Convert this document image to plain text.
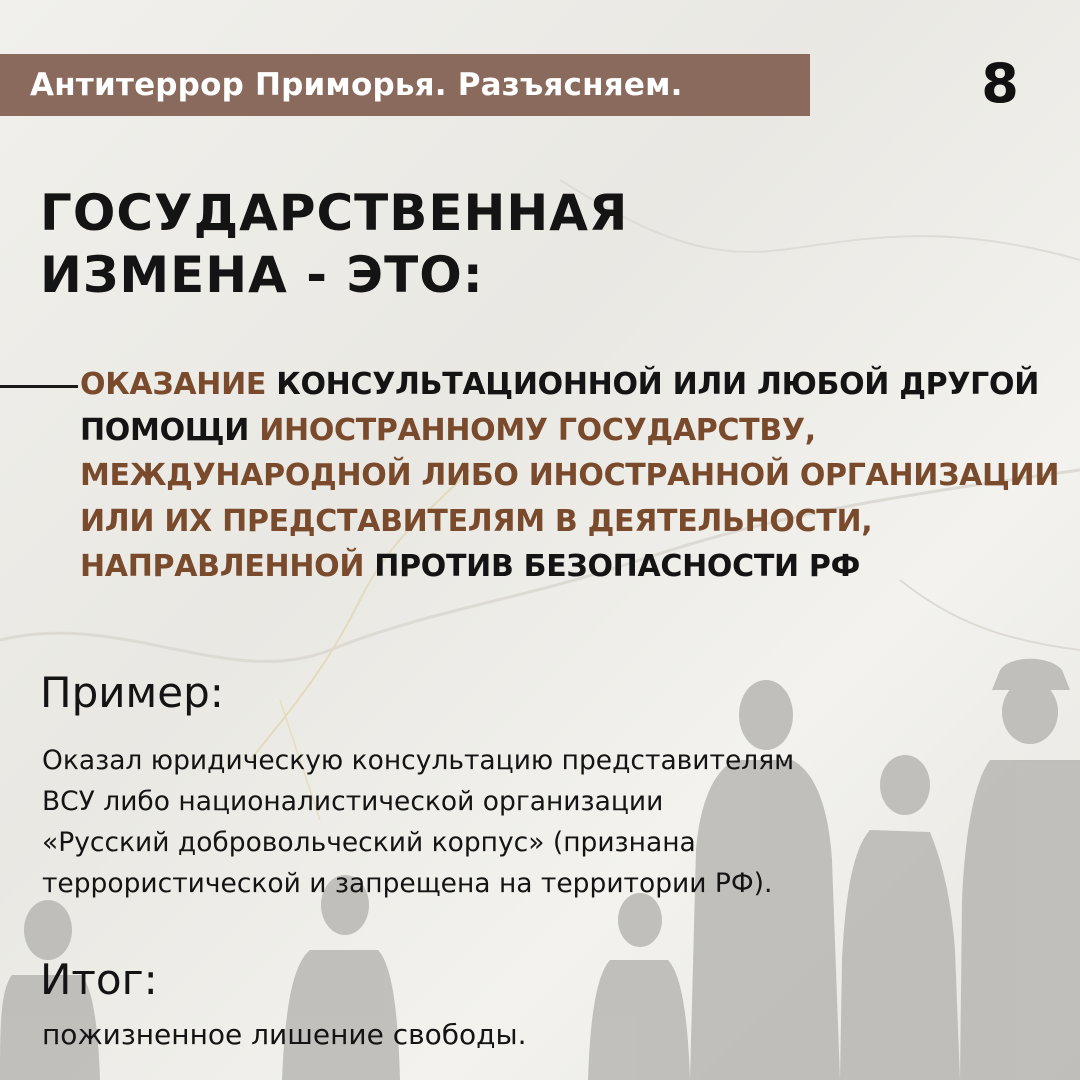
Антитеррор Приморья. Разъясняем.	8
ГОСУДАРСТВЕННАЯ
ИЗМЕНА - ЭТО:
ОКАЗАНИЕ КОНСУЛЬТАЦИОННОЙ ИЛИ ЛЮБОЙ ДРУГОЙ ПОМОЩИ ИНОСТРАННОМУ ГОСУДАРСТВУ, МЕЖДУНАРОДНОЙ ЛИБО ИНОСТРАННОЙ ОРГАНИЗАЦИИ ИЛИ ИХ ПРЕДСТАВИТЕЛЯМ В ДЕЯТЕЛЬНОСТИ, НАПРАВЛЕННОЙ ПРОТИВ БЕЗОПАСНОСТИ РФ
Пример:
Оказал юридическую консультацию представителям
ВСУ либо националистической организации
«Русский добровольческий корпус» (признана
террористической и запрещена на территории РФ).
Итог:
пожизненное лишение свободы.
